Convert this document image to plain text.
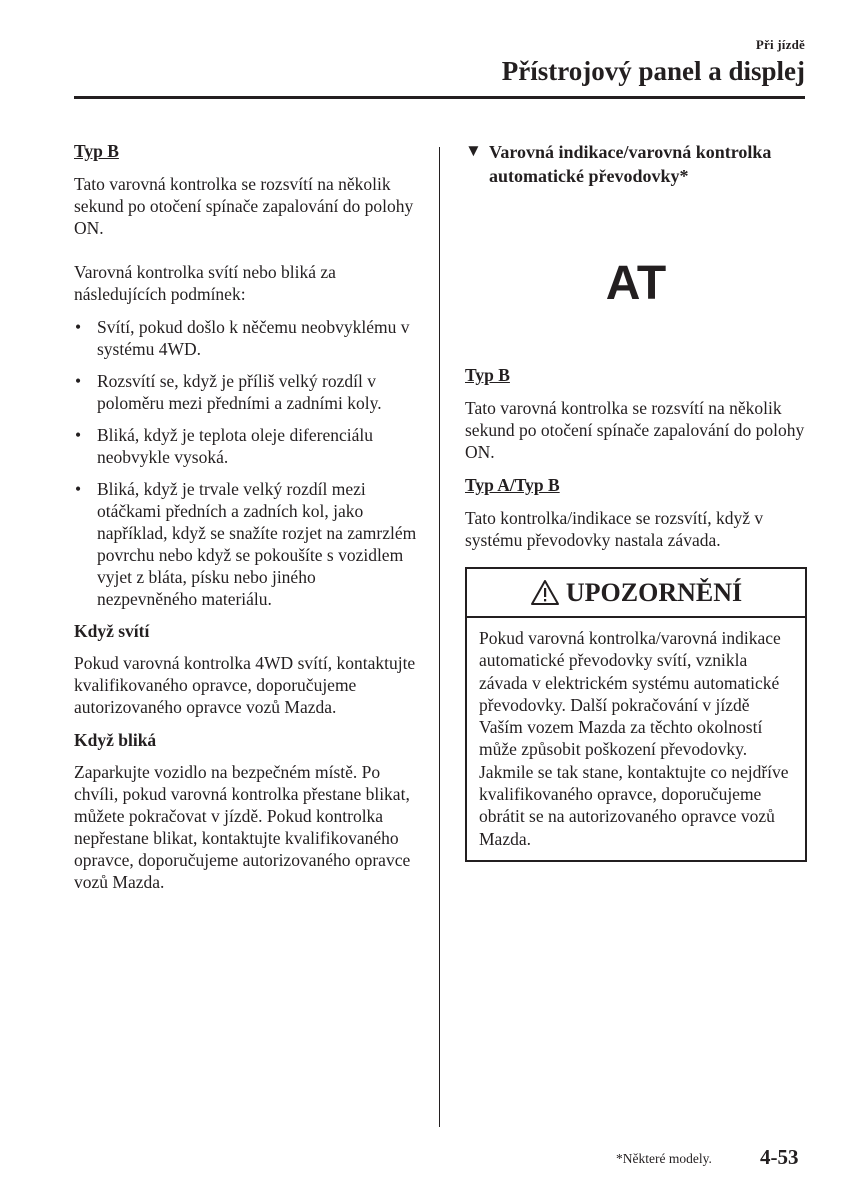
Při jízdě
Přístrojový panel a displej
Typ B

Tato varovná kontrolka se rozsvítí na několik sekund po otočení spínače zapalování do polohy ON.

Varovná kontrolka svítí nebo bliká za následujících podmínek:

• Svítí, pokud došlo k něčemu neobvyklému v systému 4WD.
• Rozsvítí se, když je příliš velký rozdíl v poloměru mezi předními a zadními koly.
• Bliká, když je teplota oleje diferenciálu neobvykle vysoká.
• Bliká, když je trvale velký rozdíl mezi otáčkami předních a zadních kol, jako například, když se snažíte rozjet na zamrzlém povrchu nebo když se pokoušíte s vozidlem vyjet z bláta, písku nebo jiného nezpevněného materiálu.
Když svítí

Pokud varovná kontrolka 4WD svítí, kontaktujte kvalifikovaného opravce, doporučujeme autorizovaného opravce vozů Mazda.

Když bliká

Zaparkujte vozidlo na bezpečném místě. Po chvíli, pokud varovná kontrolka přestane blikat, můžete pokračovat v jízdě. Pokud kontrolka nepřestane blikat, kontaktujte kvalifikovaného opravce, doporučujeme autorizovaného opravce vozů Mazda.

▼ Varovná indikace/varovná kontrolka automatické převodovky*
AT
Typ B

Tato varovná kontrolka se rozsvítí na několik sekund po otočení spínače zapalování do polohy ON.

Typ A/Typ B

Tato kontrolka/indikace se rozsvítí, když v systému převodovky nastala závada.

UPOZORNĚNÍ
Pokud varovná kontrolka/varovná indikace automatické převodovky svítí, vznikla závada v elektrickém systému automatické převodovky. Další pokračování v jízdě Vaším vozem Mazda za těchto okolností může způsobit poškození převodovky. Jakmile se tak stane, kontaktujte co nejdříve kvalifikovaného opravce, doporučujeme obrátit se na autorizovaného opravce vozů Mazda.
*Některé modely. 4-53
